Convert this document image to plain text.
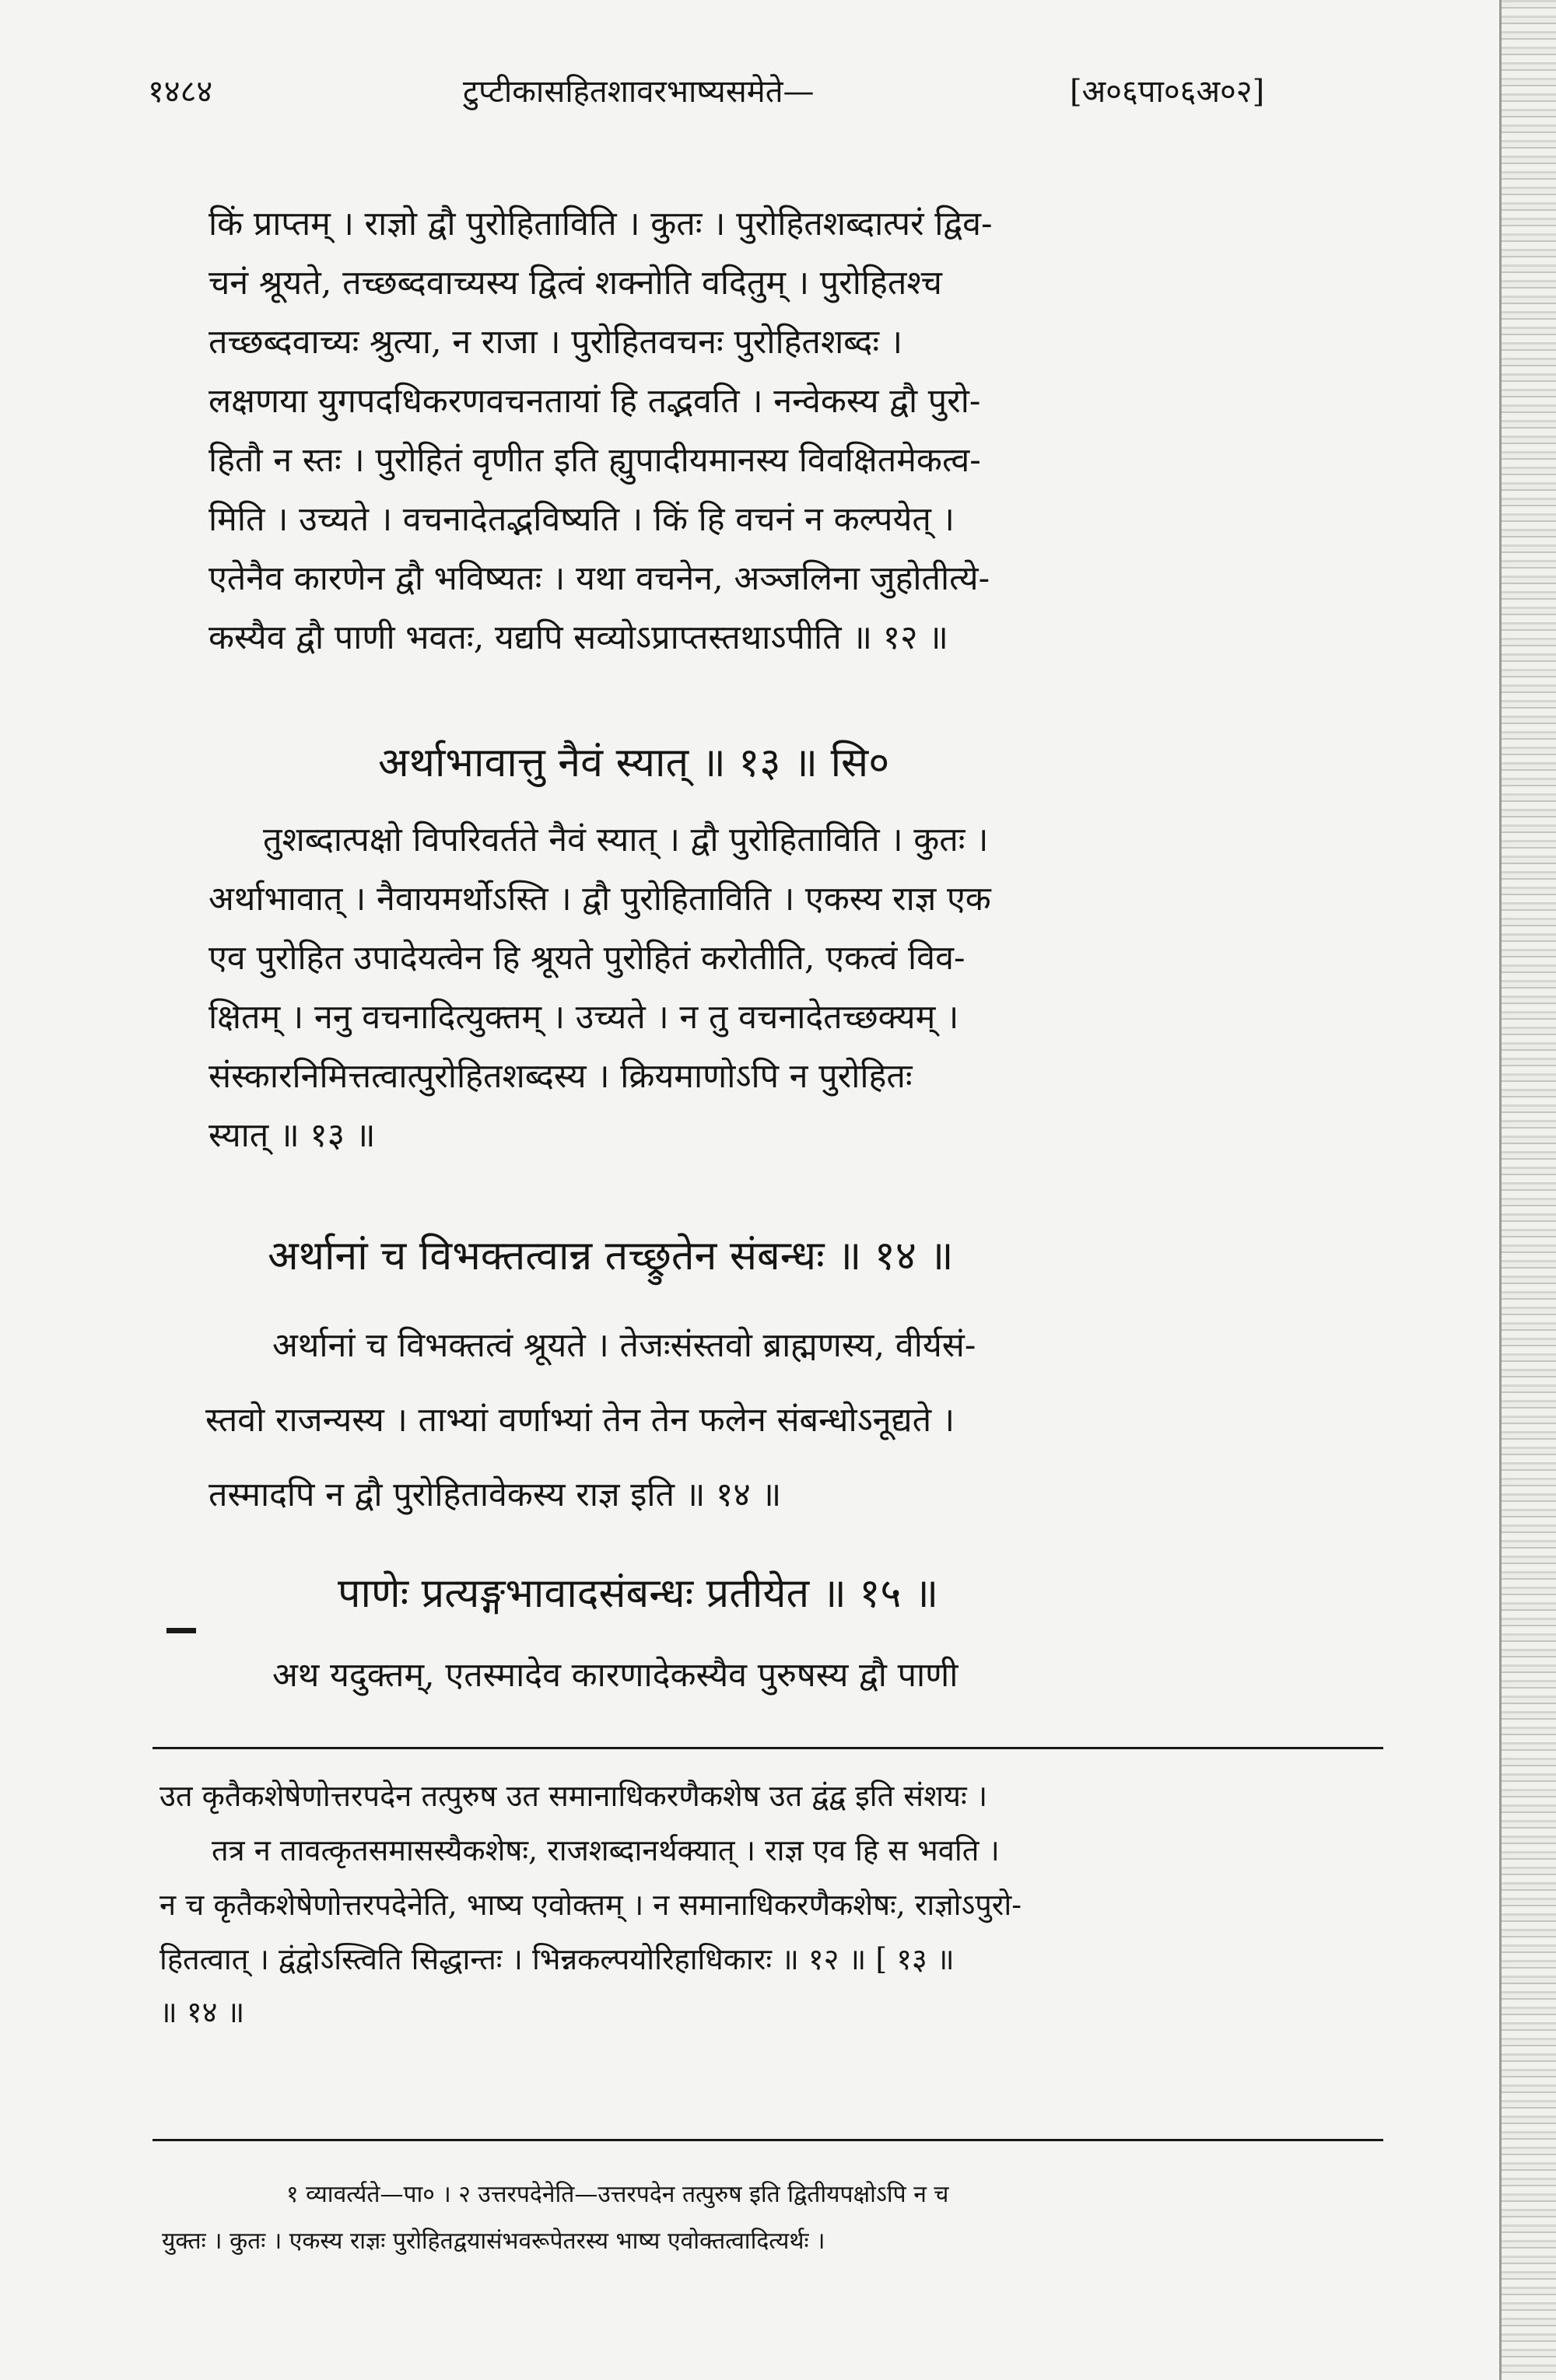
१४८४	टुप्टीकासहितशावरभाष्यसमेते—	[अ०६पा०६अ०२]
किं प्राप्तम् । राज्ञो द्वौ पुरोहिताविति । कुतः । पुरोहितशब्दात्परं द्विव-
चनं श्रूयते, तच्छब्दवाच्यस्य द्वित्वं शक्नोति वदितुम् । पुरोहितश्च
तच्छब्दवाच्यः श्रुत्या, न राजा । पुरोहितवचनः पुरोहितशब्दः ।
लक्षणया युगपदधिकरणवचनतायां हि तद्भवति । नन्वेकस्य द्वौ पुरो-
हितौ न स्तः । पुरोहितं वृणीत इति ह्युपादीयमानस्य विवक्षितमेकत्व-
मिति । उच्यते । वचनादेतद्भविष्यति । किं हि वचनं न कल्पयेत् ।
एतेनैव कारणेन द्वौ भविष्यतः । यथा वचनेन, अञ्जलिना जुहोतीत्ये-
कस्यैव द्वौ पाणी भवतः, यद्यपि सव्योऽप्राप्तस्तथाऽपीति ॥ १२ ॥
अर्थाभावात्तु नैवं स्यात् ॥ १३ ॥ सि०
तुशब्दात्पक्षो विपरिवर्तते नैवं स्यात् । द्वौ पुरोहिताविति । कुतः ।
अर्थाभावात् । नैवायमर्थोऽस्ति । द्वौ पुरोहिताविति । एकस्य राज्ञ एक
एव पुरोहित उपादेयत्वेन हि श्रूयते पुरोहितं करोतीति, एकत्वं विव-
क्षितम् । ननु वचनादित्युक्तम् । उच्यते । न तु वचनादेतच्छक्यम् ।
संस्कारनिमित्तत्वात्पुरोहितशब्दस्य । क्रियमाणोऽपि न पुरोहितः
स्यात् ॥ १३ ॥
अर्थानां च विभक्तत्वान्न तच्छ्रुतेन संबन्धः ॥ १४ ॥
अर्थानां च विभक्तत्वं श्रूयते । तेजःसंस्तवो ब्राह्मणस्य, वीर्यसं-
स्तवो राजन्यस्य । ताभ्यां वर्णाभ्यां तेन तेन फलेन संबन्धोऽनूद्यते ।
तस्मादपि न द्वौ पुरोहितावेकस्य राज्ञ इति ॥ १४ ॥
पाणेः प्रत्यङ्गभावादसंबन्धः प्रतीयेत ॥ १५ ॥
अथ यदुक्तम्, एतस्मादेव कारणादेकस्यैव पुरुषस्य द्वौ पाणी
उत कृतैकशेषेणोत्तरपदेन तत्पुरुष उत समानाधिकरणैकशेष उत द्वंद्व इति संशयः ।
तत्र न तावत्कृतसमासस्यैकशेषः, राजशब्दानर्थक्यात् । राज्ञ एव हि स भवति ।
न च कृतैकशेषेणोत्तरपदेनेति, भाष्य एवोक्तम् । न समानाधिकरणैकशेषः, राज्ञोऽपुरो-
हितत्वात् । द्वंद्वोऽस्त्विति सिद्धान्तः । भिन्नकल्पयोरिहाधिकारः ॥ १२ ॥ [ १३ ॥
॥ १४ ॥
१ व्यावर्त्यते—पा० । २ उत्तरपदेनेति—उत्तरपदेन तत्पुरुष इति द्वितीयपक्षोऽपि न च
युक्तः । कुतः । एकस्य राज्ञः पुरोहितद्वयासंभवरूपेतरस्य भाष्य एवोक्तत्वादित्यर्थः ।
